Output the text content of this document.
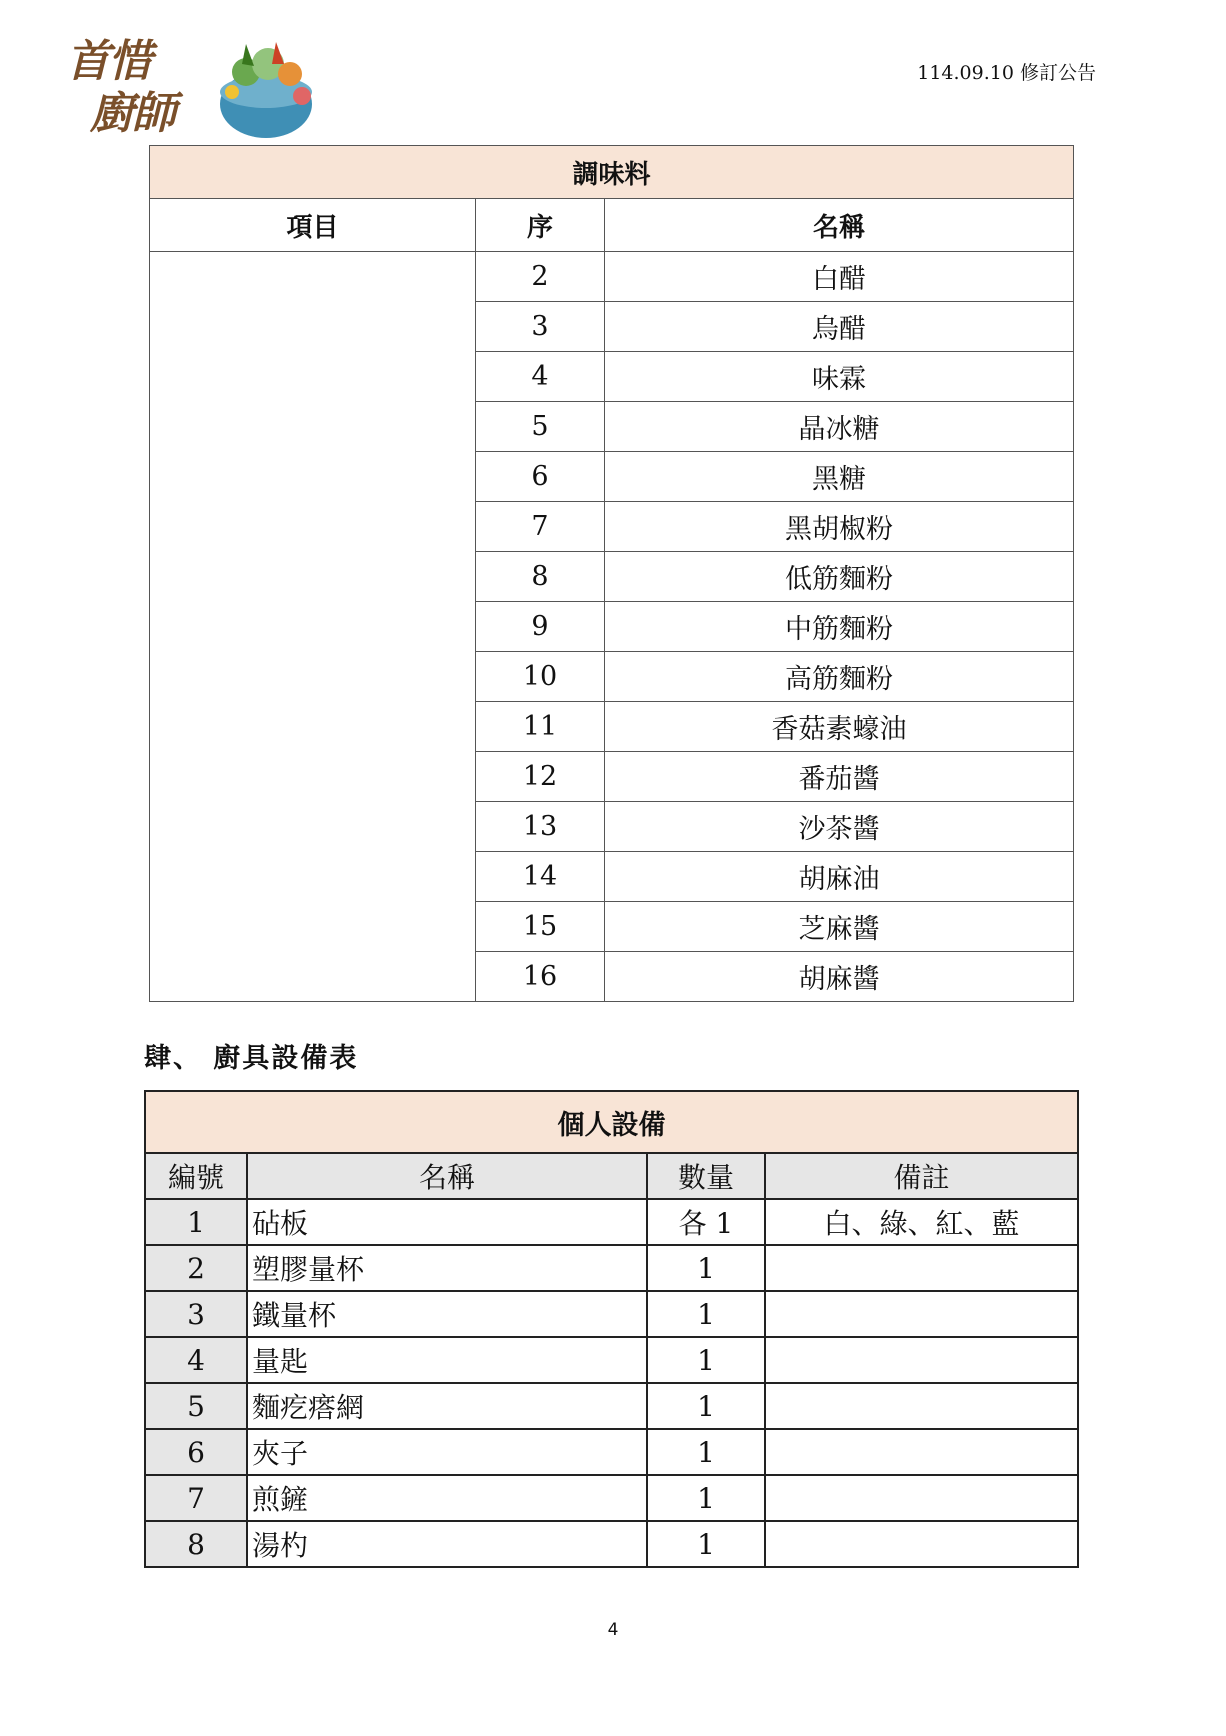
首惜
廚師
114.09.10 修訂公告
調味料		
項目	序	名稱
	2	白醋
	3	烏醋
	4	味霖
	5	晶冰糖
	6	黑糖
	7	黑胡椒粉
	8	低筋麵粉
	9	中筋麵粉
	10	高筋麵粉
	11	香菇素蠔油
	12	番茄醬
	13	沙茶醬
	14	胡麻油
	15	芝麻醬
	16	胡麻醬
肆、 廚具設備表
個人設備			
編號	名稱	數量	備註
1	砧板	各 1	白、綠、紅、藍
2	塑膠量杯	1	
3	鐵量杯	1	
4	量匙	1	
5	麵疙瘩網	1	
6	夾子	1	
7	煎鏟	1	
8	湯杓	1	
4
